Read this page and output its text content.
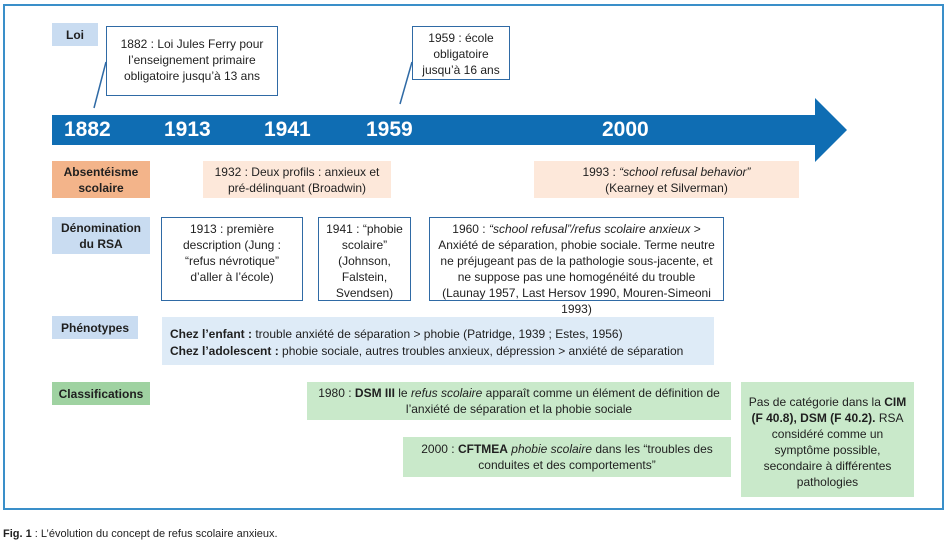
1882	1913	1941	1959	2000
Loi
Absentéisme scolaire
Dénomination du RSA
Phénotypes
Classifications
1882 : Loi Jules Ferry pour l’enseignement primaire obligatoire jusqu’à 13 ans
1959 : école obligatoire jusqu’à 16 ans
1932 : Deux profils : anxieux et pré-délinquant (Broadwin)
1993 : “school refusal behavior”
(Kearney et Silverman)
1913 : première description (Jung : “refus névrotique” d’aller à l’école)
1941 : “phobie scolaire” (Johnson, Falstein, Svendsen)
1960 : “school refusal”/refus scolaire anxieux > Anxiété de séparation, phobie sociale. Terme neutre ne préjugeant pas de la pathologie sous-jacente, et ne suppose pas une homogénéité du trouble (Launay 1957, Last Hersov 1990, Mouren-Simeoni 1993)
Chez l’enfant : trouble anxiété de séparation > phobie (Patridge, 1939 ; Estes, 1956)
Chez l’adolescent : phobie sociale, autres troubles anxieux, dépression > anxiété de séparation
1980 : DSM III le refus scolaire apparaît comme un élément de définition de l’anxiété de séparation et la phobie sociale
2000 : CFTMEA phobie scolaire dans les “troubles des conduites et des comportements”
Pas de catégorie dans la CIM (F 40.8), DSM (F 40.2). RSA considéré comme un symptôme possible, secondaire à différentes pathologies
Fig. 1 : L’évolution du concept de refus scolaire anxieux.
